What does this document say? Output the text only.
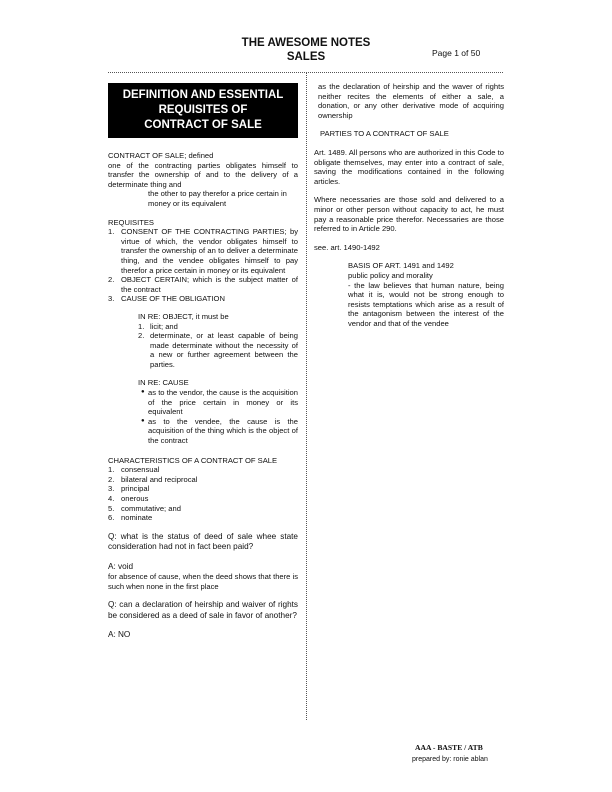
THE AWESOME NOTES
SALES	Page 1 of 50
DEFINITION AND ESSENTIAL
REQUISITES OF
CONTRACT OF SALE
CONTRACT OF SALE; defined
one of the contracting parties obligates himself to transfer the ownership of and to the delivery of a determinate thing and
the other to pay therefor a price certain in money or its equivalent
REQUISITES
1. CONSENT OF THE CONTRACTING PARTIES; by virtue of which, the vendor obligates himself to transfer the ownership of an to deliver a determinate thing, and the vendee obligates himself to pay therefor a price certain in money or its equivalent
2. OBJECT CERTAIN; which is the subject matter of the contract
3. CAUSE OF THE OBLIGATION
IN RE: OBJECT, it must be
1. licit; and
2. determinate, or at least capable of being made determinate without the necessity of a new or further agreement between the parties.
IN RE: CAUSE
● as to the vendor, the cause is the acquisition of the price certain in money or its equivalent
● as to the vendee, the cause is the acquisition of the thing which is the object of the contract
CHARACTERISTICS OF A CONTRACT OF SALE
1. consensual
2. bilateral and reciprocal
3. principal
4. onerous
5. commutative; and
6. nominate
Q: what is the status of deed of sale whee state consideration had not in fact been paid?
A: void
for absence of cause, when the deed shows that there is such when none in the first place
Q: can a declaration of heirship and waiver of rights be considered as a deed of sale in favor of another?
A: NO
as the declaration of heirship and the waver of rights neither recites the elements of either a sale, a donation, or any other derivative mode of acquiring ownership
PARTIES TO A CONTRACT OF SALE
Art. 1489. All persons who are authorized in this Code to obligate themselves, may enter into a contract of sale, saving the modifications contained in the following articles.
Where necessaries are those sold and delivered to a minor or other person without capacity to act, he must pay a reasonable price therefor. Necessaries are those referred to in Article 290.
see. art. 1490-1492
BASIS OF ART. 1491 and 1492
public policy and morality
- the law believes that human nature, being what it is, would not be strong enough to resists temptations which arise as a result of the antagonism between the interest of the vendor and that of the vendee
AAA - BASTE / ATB
prepared by: ronie ablan
